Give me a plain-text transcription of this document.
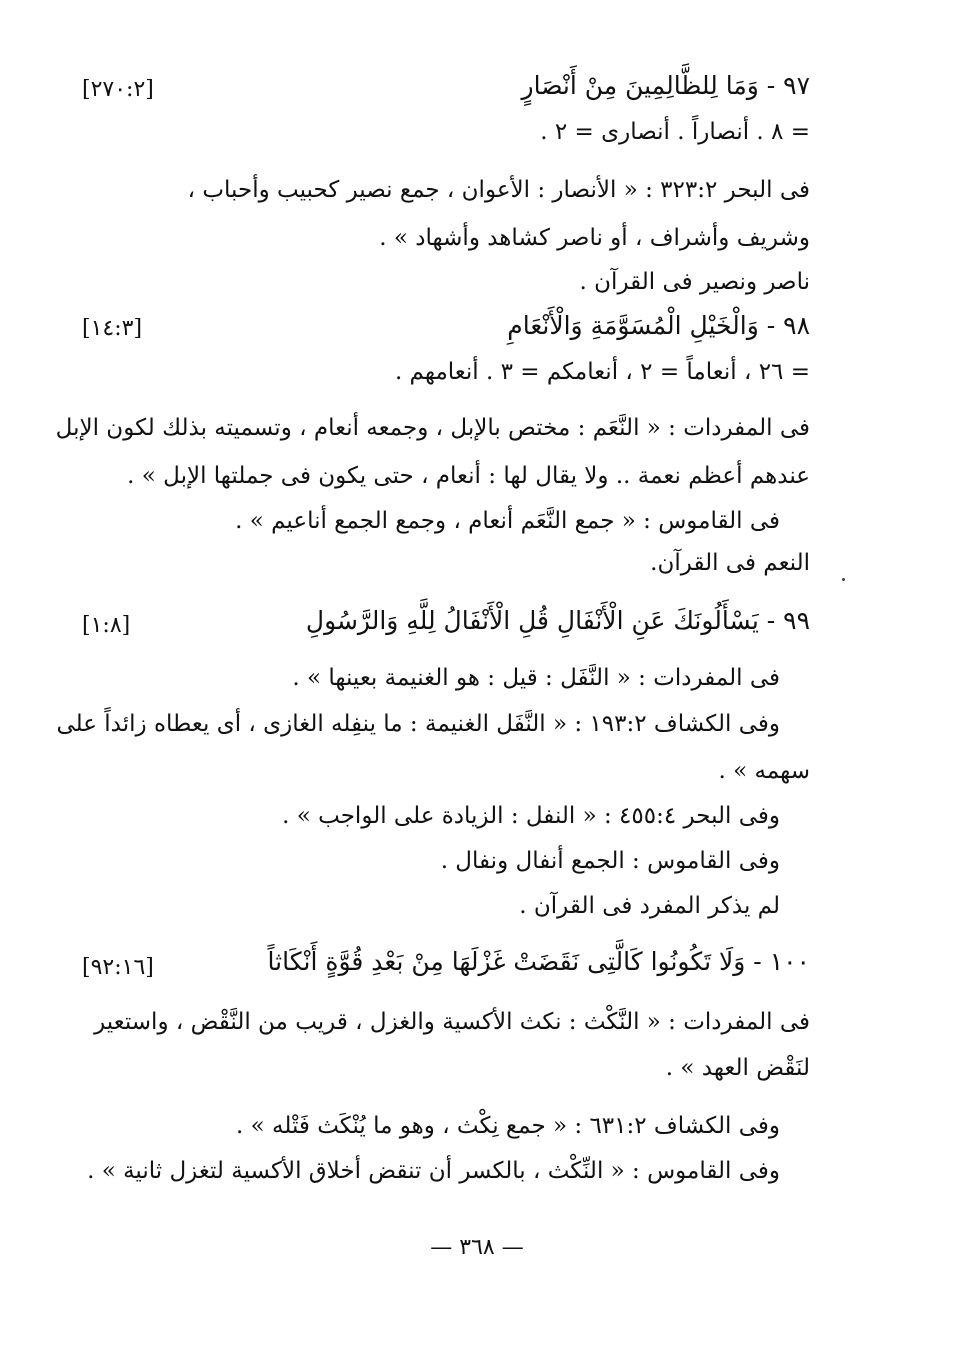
٩٧ - وَمَا لِلظَّالِمِينَ مِنْ أَنْصَارٍ
[٢٧٠:٢]
= ٨ . أنصاراً . أنصارى = ٢ .
فى البحر ٣٢٣:٢ : « الأنصار : الأعوان ، جمع نصير كحبيب وأحباب ،
وشريف وأشراف ، أو ناصر كشاهد وأشهاد » .
ناصر ونصير فى القرآن .
٩٨ - وَالْخَيْلِ الْمُسَوَّمَةِ وَالْأَنْعَامِ
[١٤:٣]
= ٢٦ ، أنعاماً = ٢ ، أنعامكم = ٣ . أنعامهم .
فى المفردات : « النَّعَم : مختص بالإبل ، وجمعه أنعام ، وتسميته بذلك لكون الإبل
عندهم أعظم نعمة .. ولا يقال لها : أنعام ، حتى يكون فى جملتها الإبل » .
فى القاموس : « جمع النَّعَم أنعام ، وجمع الجمع أناعيم » .
النعم فى القرآن.
٩٩ - يَسْأَلُونَكَ عَنِ الْأَنْفَالِ قُلِ الْأَنْفَالُ لِلَّهِ وَالرَّسُولِ
[١:٨]
فى المفردات : « النَّفَل : قيل : هو الغنيمة بعينها » .
وفى الكشاف ١٩٣:٢ : « النَّفَل الغنيمة : ما ينفِله الغازى ، أى يعطاه زائداً على
سهمه » .
وفى البحر ٤٥٥:٤ : « النفل : الزيادة على الواجب » .
وفى القاموس : الجمع أنفال ونفال .
لم يذكر المفرد فى القرآن .
١٠٠ - وَلَا تَكُونُوا كَالَّتِى نَقَضَتْ غَزْلَهَا مِنْ بَعْدِ قُوَّةٍ أَنْكَاثاً
[٩٢:١٦]
فى المفردات : « النَّكْث : نكث الأكسية والغزل ، قريب من النَّقْض ، واستعير
لنَقْض العهد » .
وفى الكشاف ٦٣١:٢ : « جمع نِكْث ، وهو ما يُنْكَث فَتْله » .
وفى القاموس : « النِّكْث ، بالكسر أن تنقض أخلاق الأكسية لتغزل ثانية » .
— ٣٦٨ —
